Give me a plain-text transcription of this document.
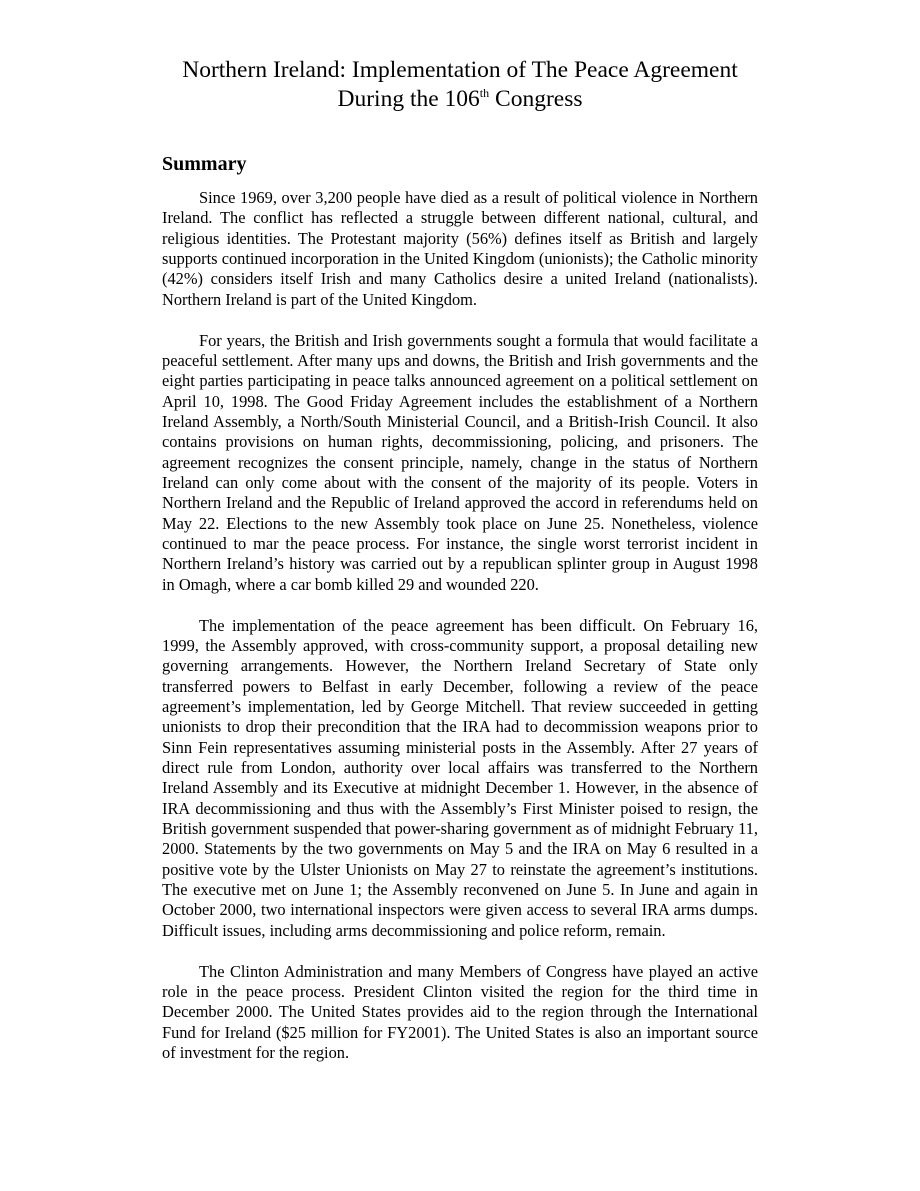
Northern Ireland: Implementation of The Peace Agreement
During the 106th Congress
Summary

Since 1969, over 3,200 people have died as a result of political violence in Northern Ireland. The conflict has reflected a struggle between different national, cultural, and religious identities. The Protestant majority (56%) defines itself as British and largely supports continued incorporation in the United Kingdom (unionists); the Catholic minority (42%) considers itself Irish and many Catholics desire a united Ireland (nationalists). Northern Ireland is part of the United Kingdom.

For years, the British and Irish governments sought a formula that would facilitate a peaceful settlement. After many ups and downs, the British and Irish governments and the eight parties participating in peace talks announced agreement on a political settlement on April 10, 1998. The Good Friday Agreement includes the establishment of a Northern Ireland Assembly, a North/South Ministerial Council, and a British-Irish Council. It also contains provisions on human rights, decommissioning, policing, and prisoners. The agreement recognizes the consent principle, namely, change in the status of Northern Ireland can only come about with the consent of the majority of its people. Voters in Northern Ireland and the Republic of Ireland approved the accord in referendums held on May 22. Elections to the new Assembly took place on June 25. Nonetheless, violence continued to mar the peace process. For instance, the single worst terrorist incident in Northern Ireland’s history was carried out by a republican splinter group in August 1998 in Omagh, where a car bomb killed 29 and wounded 220.

The implementation of the peace agreement has been difficult. On February 16, 1999, the Assembly approved, with cross-community support, a proposal detailing new governing arrangements. However, the Northern Ireland Secretary of State only transferred powers to Belfast in early December, following a review of the peace agreement’s implementation, led by George Mitchell. That review succeeded in getting unionists to drop their precondition that the IRA had to decommission weapons prior to Sinn Fein representatives assuming ministerial posts in the Assembly. After 27 years of direct rule from London, authority over local affairs was transferred to the Northern Ireland Assembly and its Executive at midnight December 1. However, in the absence of IRA decommissioning and thus with the Assembly’s First Minister poised to resign, the British government suspended that power-sharing government as of midnight February 11, 2000. Statements by the two governments on May 5 and the IRA on May 6 resulted in a positive vote by the Ulster Unionists on May 27 to reinstate the agreement’s institutions. The executive met on June 1; the Assembly reconvened on June 5. In June and again in October 2000, two international inspectors were given access to several IRA arms dumps. Difficult issues, including arms decommissioning and police reform, remain.

The Clinton Administration and many Members of Congress have played an active role in the peace process. President Clinton visited the region for the third time in December 2000. The United States provides aid to the region through the International Fund for Ireland ($25 million for FY2001). The United States is also an important source of investment for the region.
